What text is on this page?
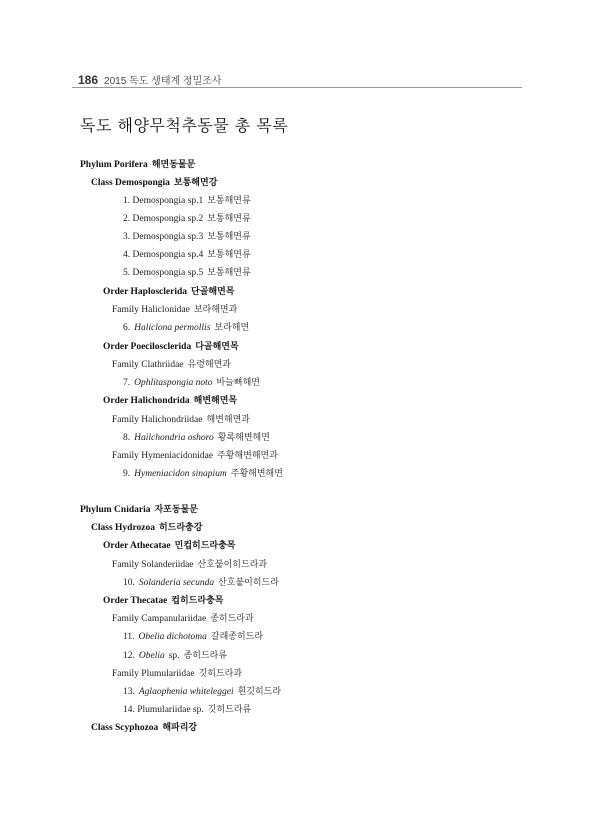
186 2015 독도 생태계 정밀조사
독도 해양무척추동물 총 목록
Phylum Porifera 해면동물문
Class Demospongia 보통해면강
1. Demospongia sp.1 보통해면류
2. Demospongia sp.2 보통해면류
3. Demospongia sp.3 보통해면류
4. Demospongia sp.4 보통해면류
5. Demospongia sp.5 보통해면류
Order Haplosclerida 단골해면목
Family Haliclonidae 보라해면과
6. Haliclona permollis 보라해면
Order Poecilosclerida 다골해면목
Family Clathriidae 유령해면과
7. Ophlitaspongia noto 바늘뼈해면
Order Halichondrida 해변해면목
Family Halichondriidae 해변해면과
8. Hailchondria oshoro 황록해변해면
Family Hymeniacidonidae 주황해변해면과
9. Hymeniacidon sinapium 주황해변해면
Phylum Cnidaria 자포동물문
Class Hydrozoa 히드라충강
Order Athecatae 민컵히드라충목
Family Solanderiidae 산호붙이히드라과
10. Solanderia secunda 산호붙이히드라
Order Thecatae 컵히드라충목
Family Campanulariidae 종히드라과
11. Obelia dichotoma 갈래종히드라
12. Obelia sp. 종히드라류
Family Plumulariidae 깃히드라과
13. Aglaophenia whiteleggei 흰깃히드라
14. Plumulariidae sp. 깃히드라류
Class Scyphozoa 해파리강
